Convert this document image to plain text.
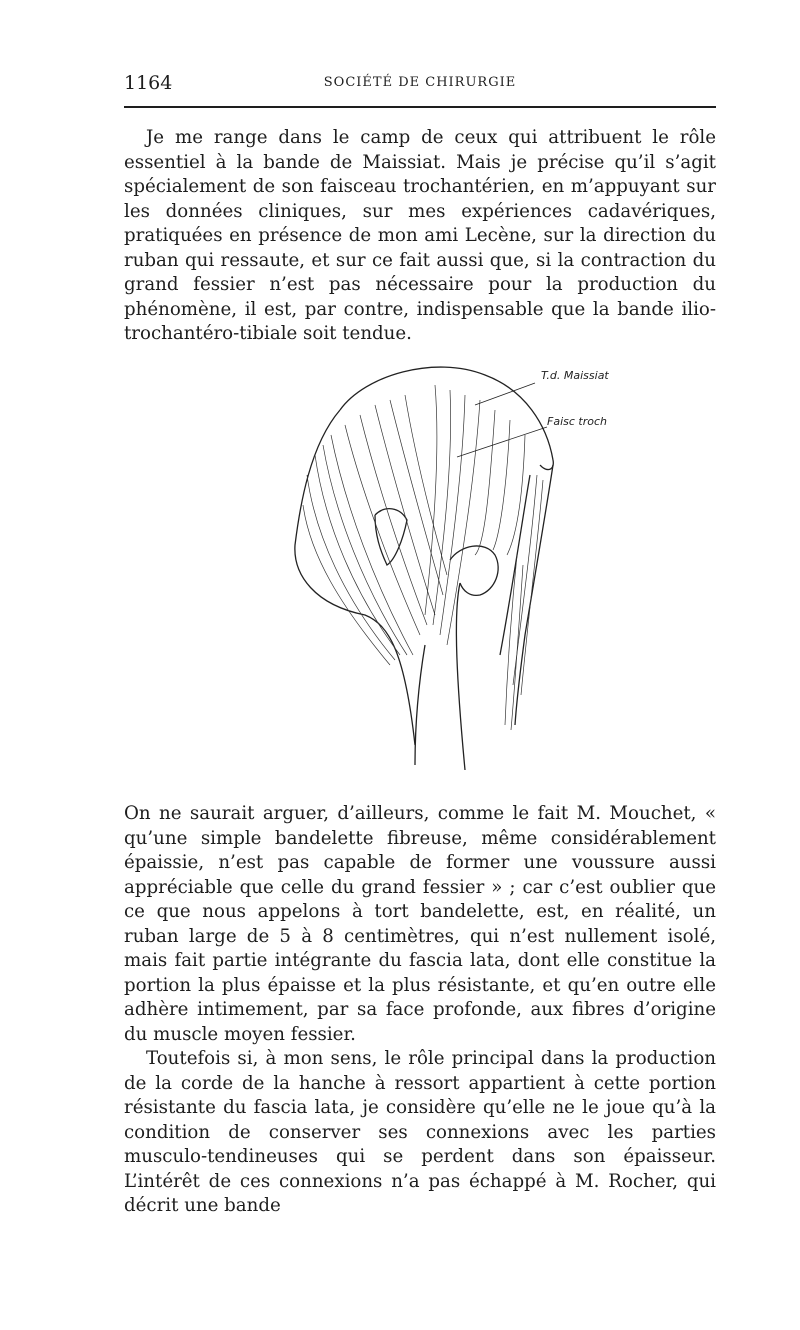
1164	SOCIÉTÉ DE CHIRURGIE

Je me range dans le camp de ceux qui attribuent le rôle essentiel à la bande de Maissiat. Mais je précise qu’il s’agit spécialement de son faisceau trochantérien, en m’appuyant sur les données cliniques, sur mes expériences cadavériques, pratiquées en présence de mon ami Lecène, sur la direction du ruban qui ressaute, et sur ce fait aussi que, si la contraction du grand fessier n’est pas nécessaire pour la production du phénomène, il est, par contre, indispensable que la bande ilio-trochantéro-tibiale soit tendue.

T.d. Maissiat
Faisc troch

On ne saurait arguer, d’ailleurs, comme le fait M. Mouchet, « qu’une simple bandelette fibreuse, même considérablement épaissie, n’est pas capable de former une voussure aussi appréciable que celle du grand fessier » ; car c’est oublier que ce que nous appelons à tort bandelette, est, en réalité, un ruban large de 5 à 8 centimètres, qui n’est nullement isolé, mais fait partie intégrante du fascia lata, dont elle constitue la portion la plus épaisse et la plus résistante, et qu’en outre elle adhère intimement, par sa face profonde, aux fibres d’origine du muscle moyen fessier.

Toutefois si, à mon sens, le rôle principal dans la production de la corde de la hanche à ressort appartient à cette portion résistante du fascia lata, je considère qu’elle ne le joue qu’à la condition de conserver ses connexions avec les parties musculo-tendineuses qui se perdent dans son épaisseur. L’intérêt de ces connexions n’a pas échappé à M. Rocher, qui décrit une bande
